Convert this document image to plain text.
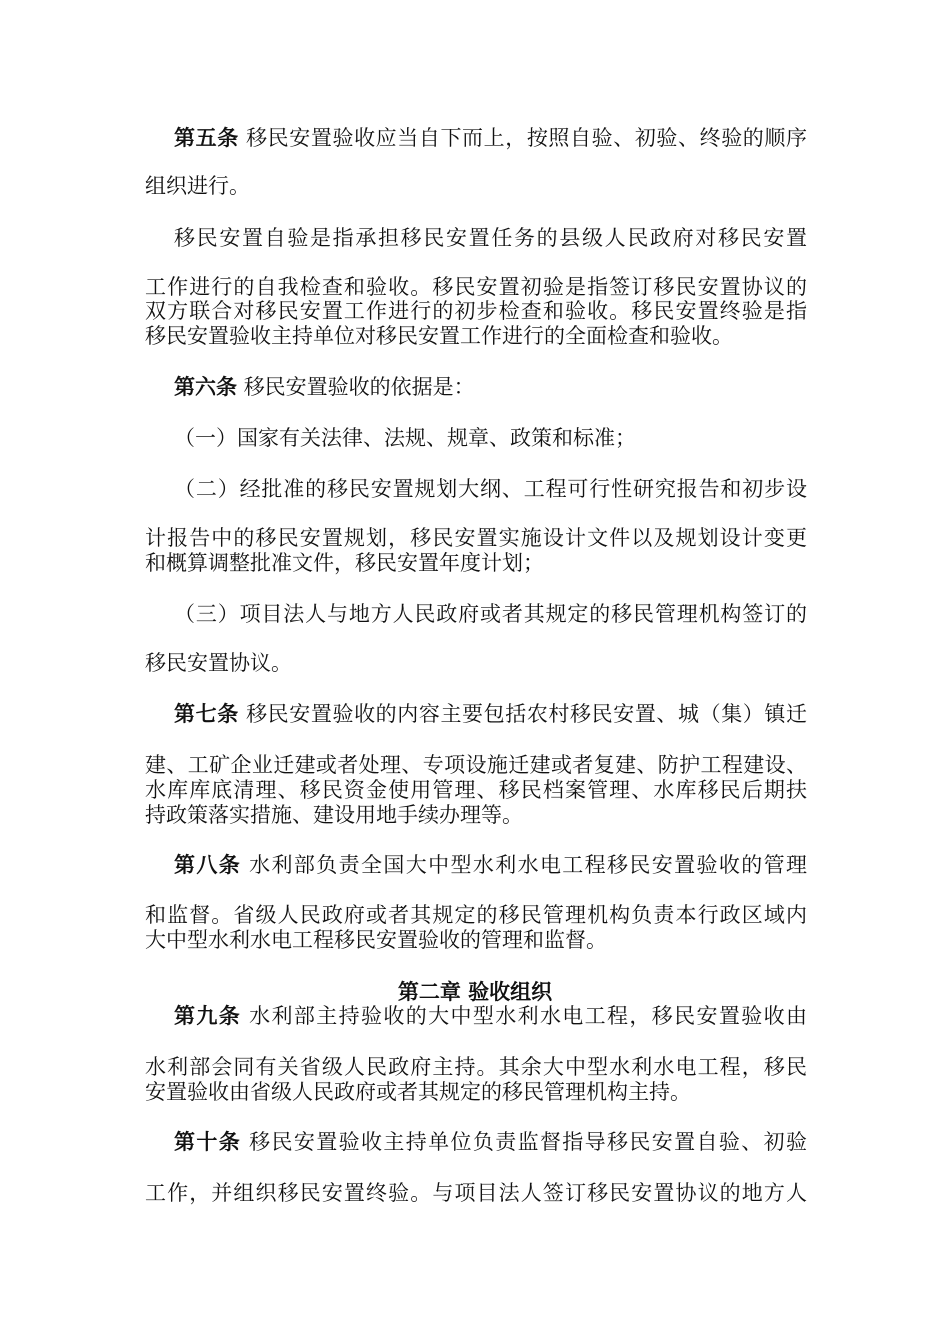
第五条 移民安置验收应当自下而上，按照自验、初验、终验的顺序
组织进行。
移民安置自验是指承担移民安置任务的县级人民政府对移民安置
工作进行的自我检查和验收。移民安置初验是指签订移民安置协议的
双方联合对移民安置工作进行的初步检查和验收。移民安置终验是指
移民安置验收主持单位对移民安置工作进行的全面检查和验收。
第六条 移民安置验收的依据是：
（一）国家有关法律、法规、规章、政策和标准；
（二）经批准的移民安置规划大纲、工程可行性研究报告和初步设
计报告中的移民安置规划，移民安置实施设计文件以及规划设计变更
和概算调整批准文件，移民安置年度计划；
（三）项目法人与地方人民政府或者其规定的移民管理机构签订的
移民安置协议。
第七条 移民安置验收的内容主要包括农村移民安置、城（集）镇迁
建、工矿企业迁建或者处理、专项设施迁建或者复建、防护工程建设、
水库库底清理、移民资金使用管理、移民档案管理、水库移民后期扶
持政策落实措施、建设用地手续办理等。
第八条 水利部负责全国大中型水利水电工程移民安置验收的管理
和监督。省级人民政府或者其规定的移民管理机构负责本行政区域内
大中型水利水电工程移民安置验收的管理和监督。
第二章 验收组织
第九条 水利部主持验收的大中型水利水电工程，移民安置验收由
水利部会同有关省级人民政府主持。其余大中型水利水电工程，移民
安置验收由省级人民政府或者其规定的移民管理机构主持。
第十条 移民安置验收主持单位负责监督指导移民安置自验、初验
工作，并组织移民安置终验。与项目法人签订移民安置协议的地方人
